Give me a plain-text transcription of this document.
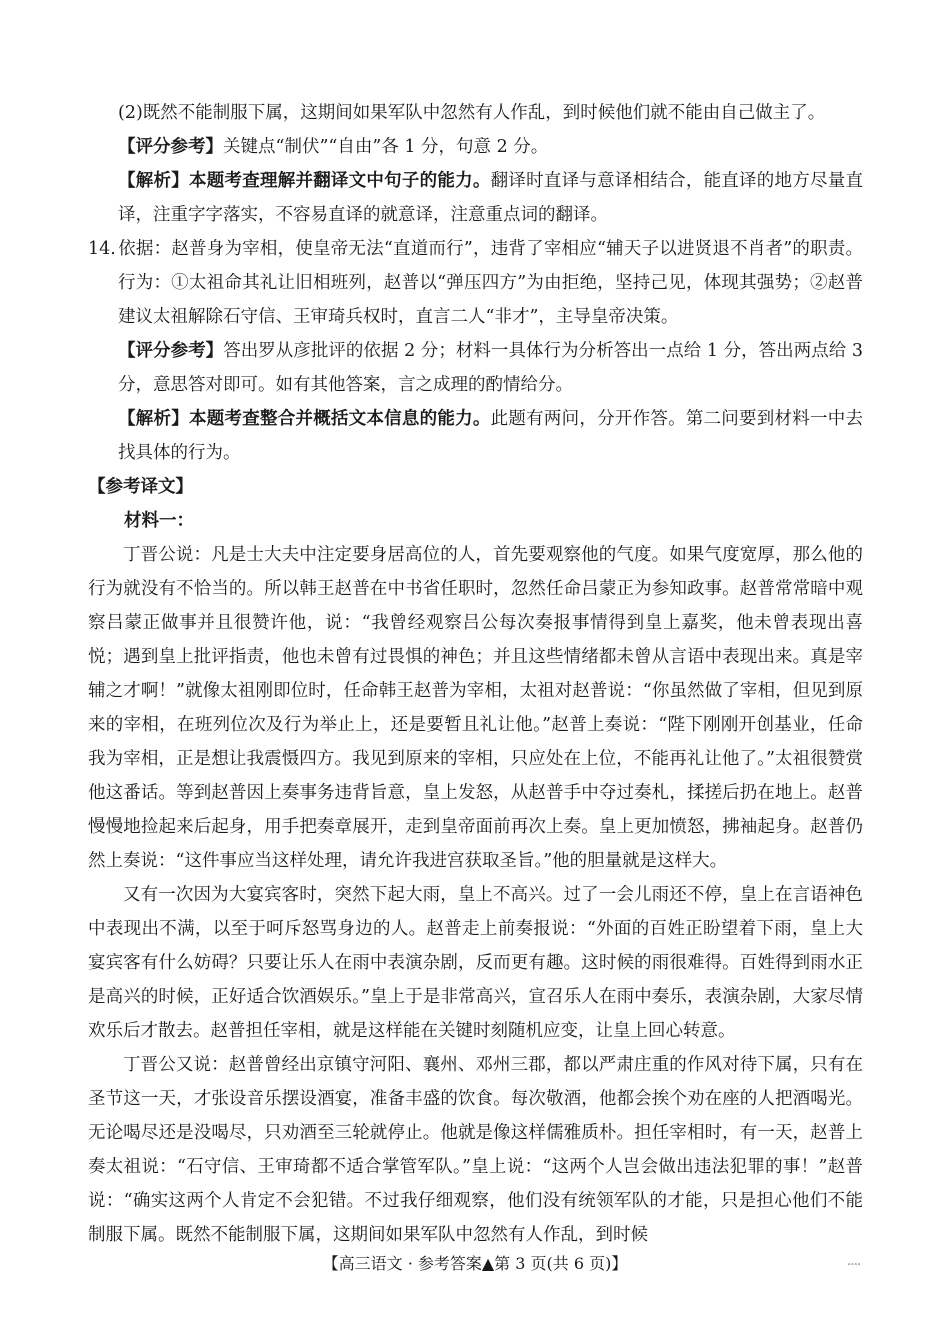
(2)既然不能制服下属，这期间如果军队中忽然有人作乱，到时候他们就不能由自己做主了。

【评分参考】关键点“制伏”“自由”各 1 分，句意 2 分。

【解析】本题考查理解并翻译文中句子的能力。翻译时直译与意译相结合，能直译的地方尽量直译，注重字字落实，不容易直译的就意译，注意重点词的翻译。

14. 依据：赵普身为宰相，使皇帝无法“直道而行”，违背了宰相应“辅天子以进贤退不肖者”的职责。行为：①太祖命其礼让旧相班列，赵普以“弹压四方”为由拒绝，坚持己见，体现其强势；②赵普建议太祖解除石守信、王审琦兵权时，直言二人“非才”，主导皇帝决策。

【评分参考】答出罗从彦批评的依据 2 分；材料一具体行为分析答出一点给 1 分，答出两点给 3 分，意思答对即可。如有其他答案，言之成理的酌情给分。

【解析】本题考查整合并概括文本信息的能力。此题有两问，分开作答。第二问要到材料一中去找具体的行为。

【参考译文】

材料一：

丁晋公说：凡是士大夫中注定要身居高位的人，首先要观察他的气度。如果气度宽厚，那么他的行为就没有不恰当的。所以韩王赵普在中书省任职时，忽然任命吕蒙正为参知政事。赵普常常暗中观察吕蒙正做事并且很赞许他，说：“我曾经观察吕公每次奏报事情得到皇上嘉奖，他未曾表现出喜悦；遇到皇上批评指责，他也未曾有过畏惧的神色；并且这些情绪都未曾从言语中表现出来。真是宰辅之才啊！”就像太祖刚即位时，任命韩王赵普为宰相，太祖对赵普说：“你虽然做了宰相，但见到原来的宰相，在班列位次及行为举止上，还是要暂且礼让他。”赵普上奏说：“陛下刚刚开创基业，任命我为宰相，正是想让我震慑四方。我见到原来的宰相，只应处在上位，不能再礼让他了。”太祖很赞赏他这番话。等到赵普因上奏事务违背旨意，皇上发怒，从赵普手中夺过奏札，揉搓后扔在地上。赵普慢慢地捡起来后起身，用手把奏章展开，走到皇帝面前再次上奏。皇上更加愤怒，拂袖起身。赵普仍然上奏说：“这件事应当这样处理，请允许我进宫获取圣旨。”他的胆量就是这样大。

又有一次因为大宴宾客时，突然下起大雨，皇上不高兴。过了一会儿雨还不停，皇上在言语神色中表现出不满，以至于呵斥怒骂身边的人。赵普走上前奏报说：“外面的百姓正盼望着下雨，皇上大宴宾客有什么妨碍？只要让乐人在雨中表演杂剧，反而更有趣。这时候的雨很难得。百姓得到雨水正是高兴的时候，正好适合饮酒娱乐。”皇上于是非常高兴，宣召乐人在雨中奏乐，表演杂剧，大家尽情欢乐后才散去。赵普担任宰相，就是这样能在关键时刻随机应变，让皇上回心转意。

丁晋公又说：赵普曾经出京镇守河阳、襄州、邓州三郡，都以严肃庄重的作风对待下属，只有在圣节这一天，才张设音乐摆设酒宴，准备丰盛的饮食。每次敬酒，他都会挨个劝在座的人把酒喝光。无论喝尽还是没喝尽，只劝酒至三轮就停止。他就是像这样儒雅质朴。担任宰相时，有一天，赵普上奏太祖说：“石守信、王审琦都不适合掌管军队。”皇上说：“这两个人岂会做出违法犯罪的事！”赵普说：“确实这两个人肯定不会犯错。不过我仔细观察，他们没有统领军队的才能，只是担心他们不能制服下属。既然不能制服下属，这期间如果军队中忽然有人作乱，到时候

【高三语文 · 参考答案▲第 3 页(共 6 页)】	ᵃᵃᵃᵃ
